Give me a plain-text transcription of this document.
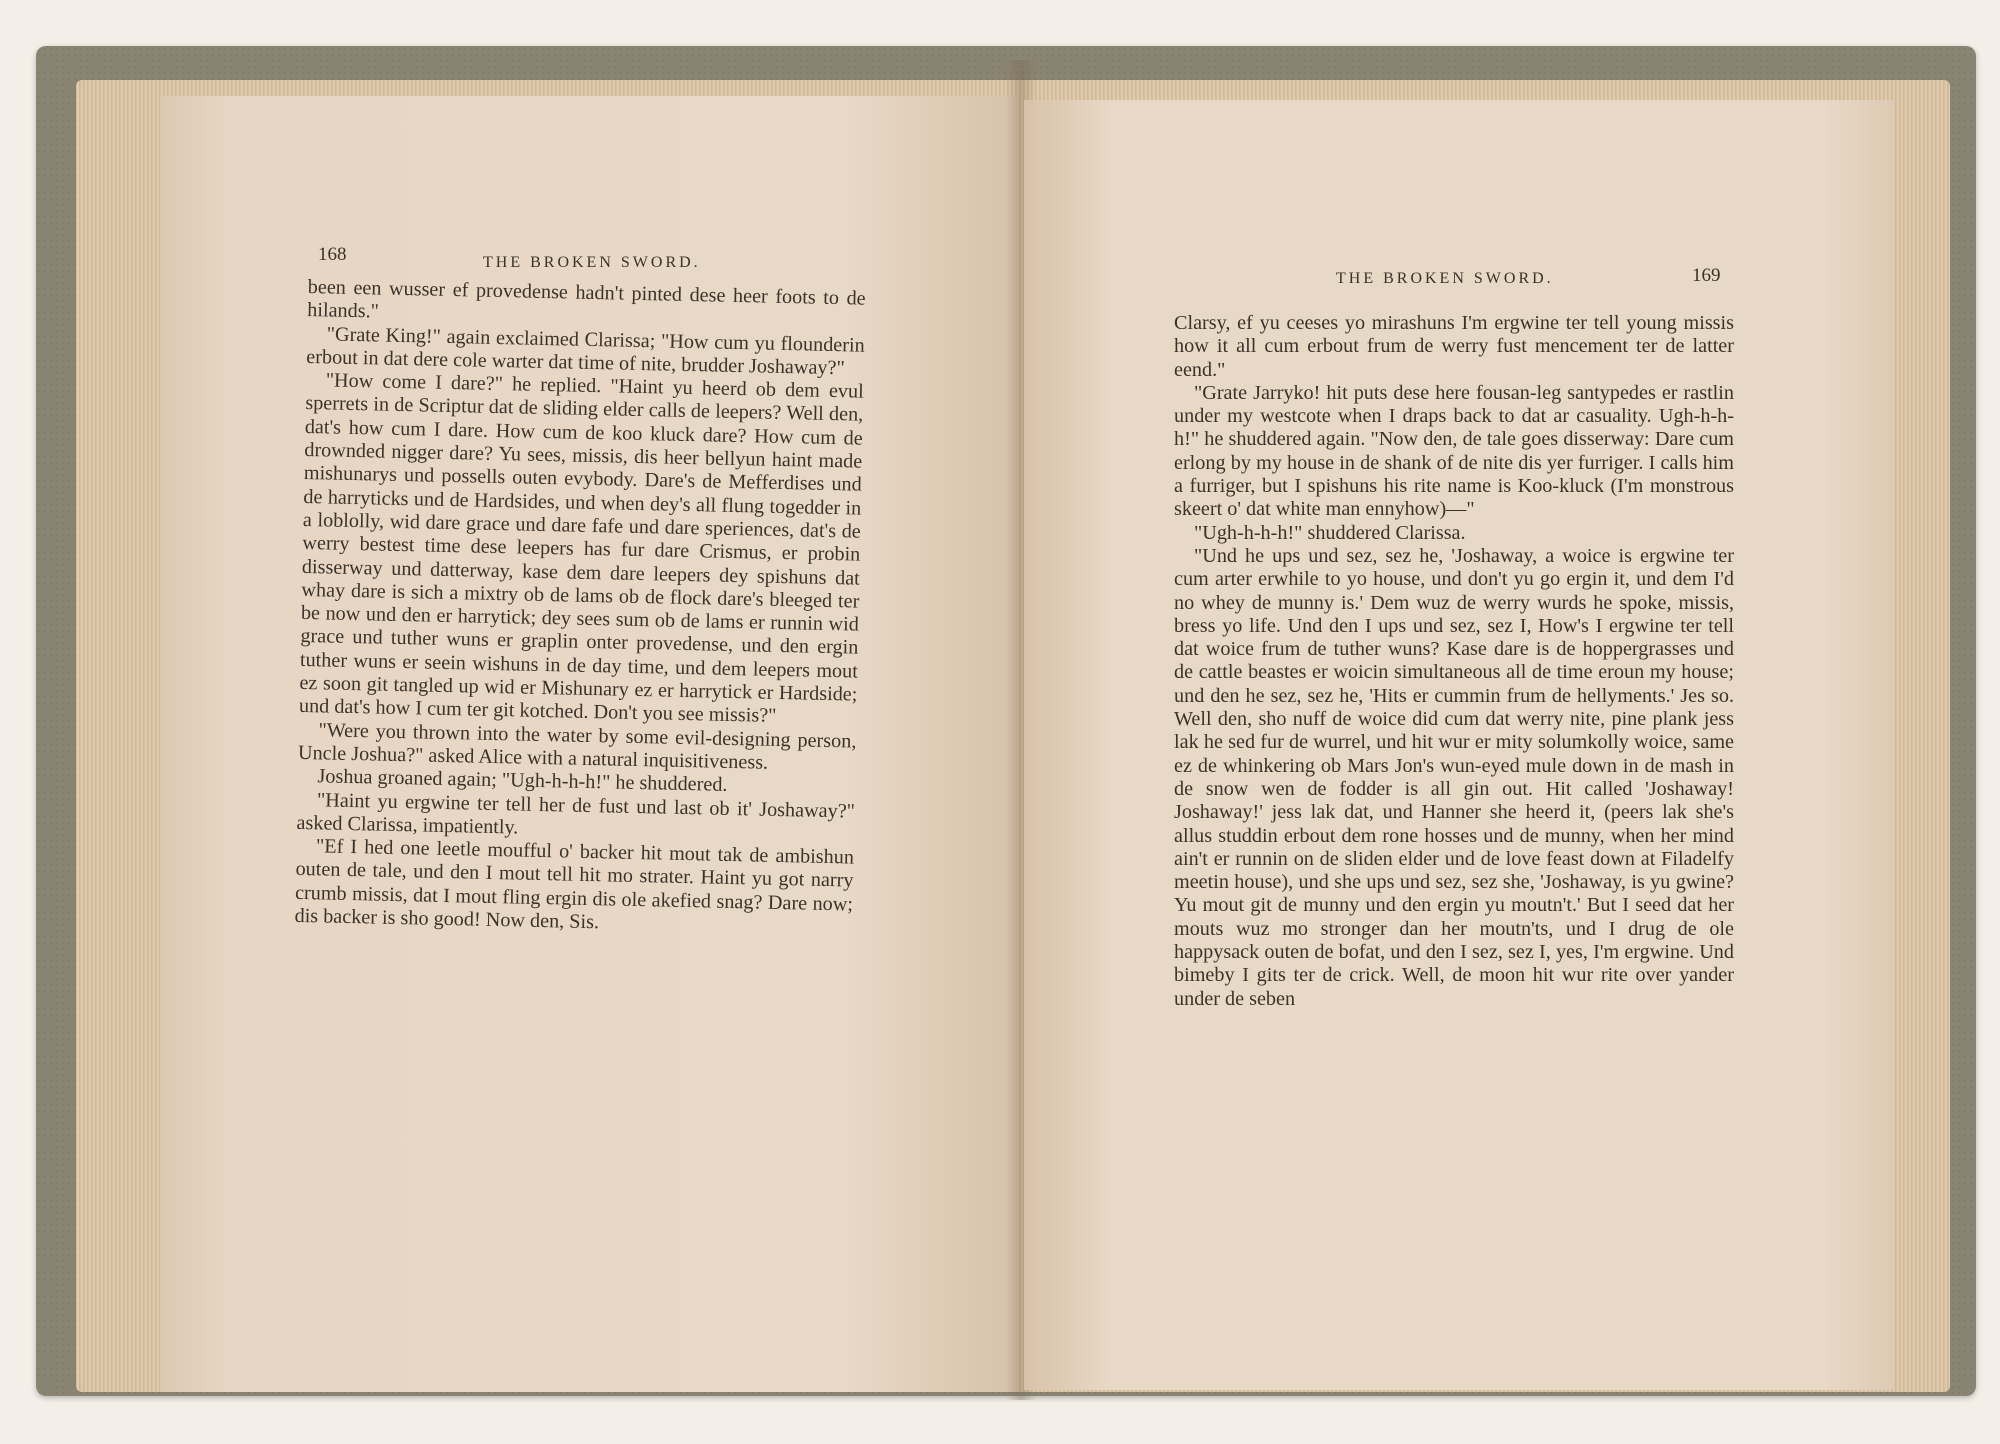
168	THE BROKEN SWORD.

been een wusser ef provedense hadn't pinted dese heer foots to de hilands."

"Grate King!" again exclaimed Clarissa; "How cum yu flounderin erbout in dat dere cole warter dat time of nite, brudder Joshaway?"

"How come I dare?" he replied. "Haint yu heerd ob dem evul sperrets in de Scriptur dat de sliding elder calls de leepers? Well den, dat's how cum I dare. How cum de koo kluck dare? How cum de drownded nigger dare? Yu sees, missis, dis heer bellyun haint made mishunarys und possells outen evybody. Dare's de Mefferdises und de harryticks und de Hardsides, und when dey's all flung togedder in a loblolly, wid dare grace und dare fafe und dare speriences, dat's de werry bestest time dese leepers has fur dare Crismus, er probin disserway und datterway, kase dem dare leepers dey spishuns dat whay dare is sich a mixtry ob de lams ob de flock dare's bleeged ter be now und den er harrytick; dey sees sum ob de lams er runnin wid grace und tuther wuns er graplin onter provedense, und den ergin tuther wuns er seein wishuns in de day time, und dem leepers mout ez soon git tangled up wid er Mishunary ez er harrytick er Hardside; und dat's how I cum ter git kotched. Don't you see missis?"

"Were you thrown into the water by some evil-designing person, Uncle Joshua?" asked Alice with a natural inquisitiveness.

Joshua groaned again; "Ugh-h-h-h!" he shuddered.

"Haint yu ergwine ter tell her de fust und last ob it' Joshaway?" asked Clarissa, impatiently.

"Ef I hed one leetle moufful o' backer hit mout tak de ambishun outen de tale, und den I mout tell hit mo strater. Haint yu got narry crumb missis, dat I mout fling ergin dis ole akefied snag? Dare now; dis backer is sho good! Now den, Sis.

THE BROKEN SWORD.	169

Clarsy, ef yu ceeses yo mirashuns I'm ergwine ter tell young missis how it all cum erbout frum de werry fust mencement ter de latter eend."

"Grate Jarryko! hit puts dese here fousan-leg santypedes er rastlin under my westcote when I draps back to dat ar casuality. Ugh-h-h-h!" he shuddered again. "Now den, de tale goes disserway: Dare cum erlong by my house in de shank of de nite dis yer furriger. I calls him a furriger, but I spishuns his rite name is Koo-kluck (I'm monstrous skeert o' dat white man ennyhow)—"

"Ugh-h-h-h!" shuddered Clarissa.

"Und he ups und sez, sez he, 'Joshaway, a woice is ergwine ter cum arter erwhile to yo house, und don't yu go ergin it, und dem I'd no whey de munny is.' Dem wuz de werry wurds he spoke, missis, bress yo life. Und den I ups und sez, sez I, How's I ergwine ter tell dat woice frum de tuther wuns? Kase dare is de hoppergrasses und de cattle beastes er woicin simultaneous all de time eroun my house; und den he sez, sez he, 'Hits er cummin frum de hellyments.' Jes so. Well den, sho nuff de woice did cum dat werry nite, pine plank jess lak he sed fur de wurrel, und hit wur er mity solumkolly woice, same ez de whinkering ob Mars Jon's wun-eyed mule down in de mash in de snow wen de fodder is all gin out. Hit called 'Joshaway! Joshaway!' jess lak dat, und Hanner she heerd it, (peers lak she's allus studdin erbout dem rone hosses und de munny, when her mind ain't er runnin on de sliden elder und de love feast down at Filadelfy meetin house), und she ups und sez, sez she, 'Joshaway, is yu gwine? Yu mout git de munny und den ergin yu moutn't.' But I seed dat her mouts wuz mo stronger dan her moutn'ts, und I drug de ole happysack outen de bofat, und den I sez, sez I, yes, I'm ergwine. Und bimeby I gits ter de crick. Well, de moon hit wur rite over yander under de seben
